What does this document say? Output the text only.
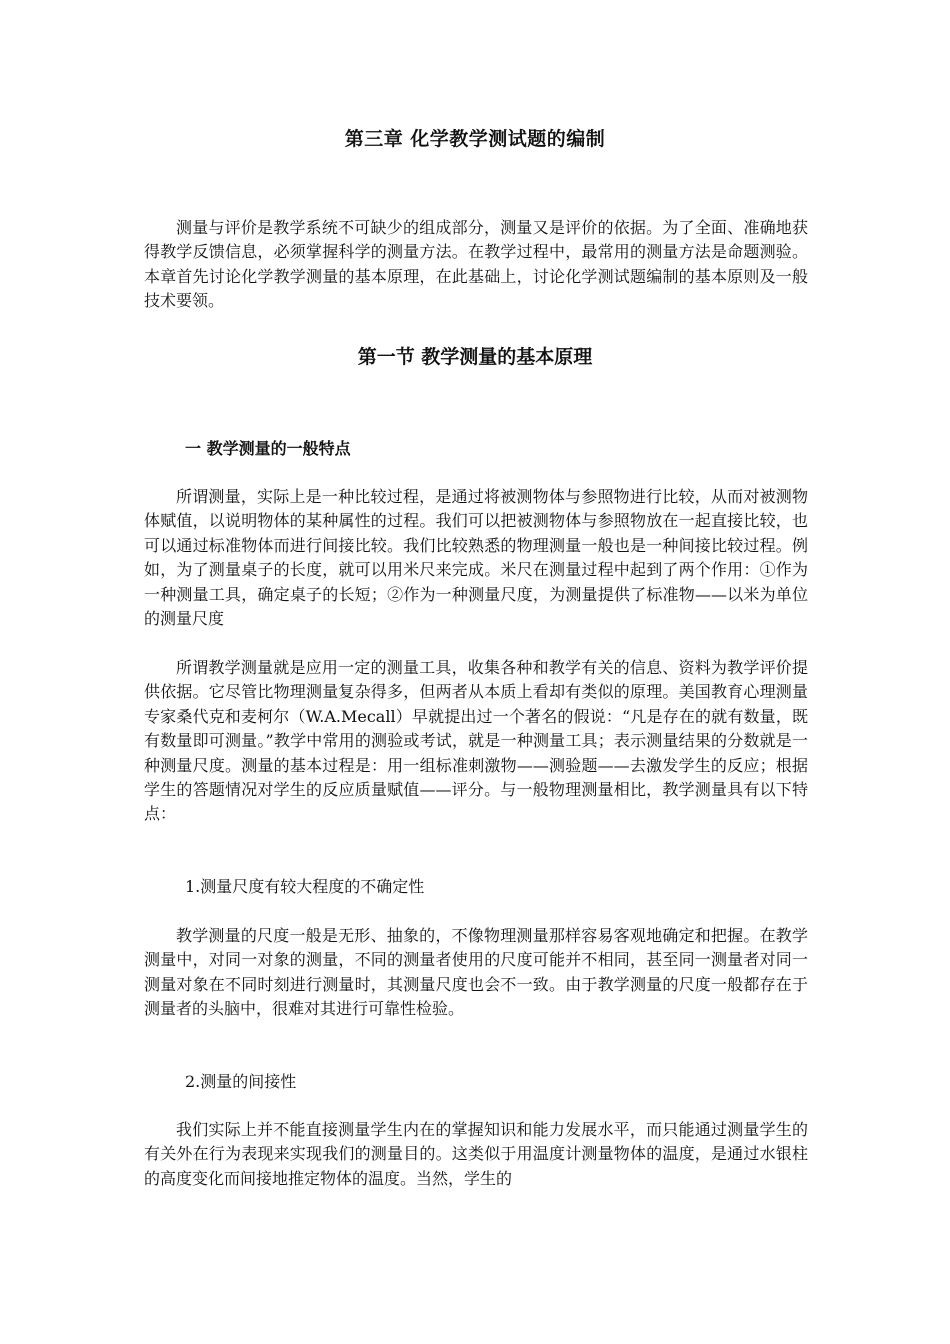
第三章 化学教学测试题的编制

测量与评价是教学系统不可缺少的组成部分，测量又是评价的依据。为了全面、准确地获得教学反馈信息，必须掌握科学的测量方法。在教学过程中，最常用的测量方法是命题测验。本章首先讨论化学教学测量的基本原理，在此基础上，讨论化学测试题编制的基本原则及一般技术要领。

第一节 教学测量的基本原理
一 教学测量的一般特点

所谓测量，实际上是一种比较过程，是通过将被测物体与参照物进行比较，从而对被测物体赋值，以说明物体的某种属性的过程。我们可以把被测物体与参照物放在一起直接比较，也可以通过标准物体而进行间接比较。我们比较熟悉的物理测量一般也是一种间接比较过程。例如，为了测量桌子的长度，就可以用米尺来完成。米尺在测量过程中起到了两个作用：①作为一种测量工具，确定桌子的长短；②作为一种测量尺度，为测量提供了标准物——以米为单位的测量尺度

所谓教学测量就是应用一定的测量工具，收集各种和教学有关的信息、资料为教学评价提供依据。它尽管比物理测量复杂得多，但两者从本质上看却有类似的原理。美国教育心理测量专家桑代克和麦柯尔（W.A.Mecall）早就提出过一个著名的假说：“凡是存在的就有数量，既有数量即可测量。”教学中常用的测验或考试，就是一种测量工具；表示测量结果的分数就是一种测量尺度。测量的基本过程是：用一组标准刺激物——测验题——去激发学生的反应；根据学生的答题情况对学生的反应质量赋值——评分。与一般物理测量相比，教学测量具有以下特点：

1.测量尺度有较大程度的不确定性

教学测量的尺度一般是无形、抽象的，不像物理测量那样容易客观地确定和把握。在教学测量中，对同一对象的测量，不同的测量者使用的尺度可能并不相同，甚至同一测量者对同一测量对象在不同时刻进行测量时，其测量尺度也会不一致。由于教学测量的尺度一般都存在于测量者的头脑中，很难对其进行可靠性检验。

2.测量的间接性

我们实际上并不能直接测量学生内在的掌握知识和能力发展水平，而只能通过测量学生的有关外在行为表现来实现我们的测量目的。这类似于用温度计测量物体的温度，是通过水银柱的高度变化而间接地推定物体的温度。当然，学生的
